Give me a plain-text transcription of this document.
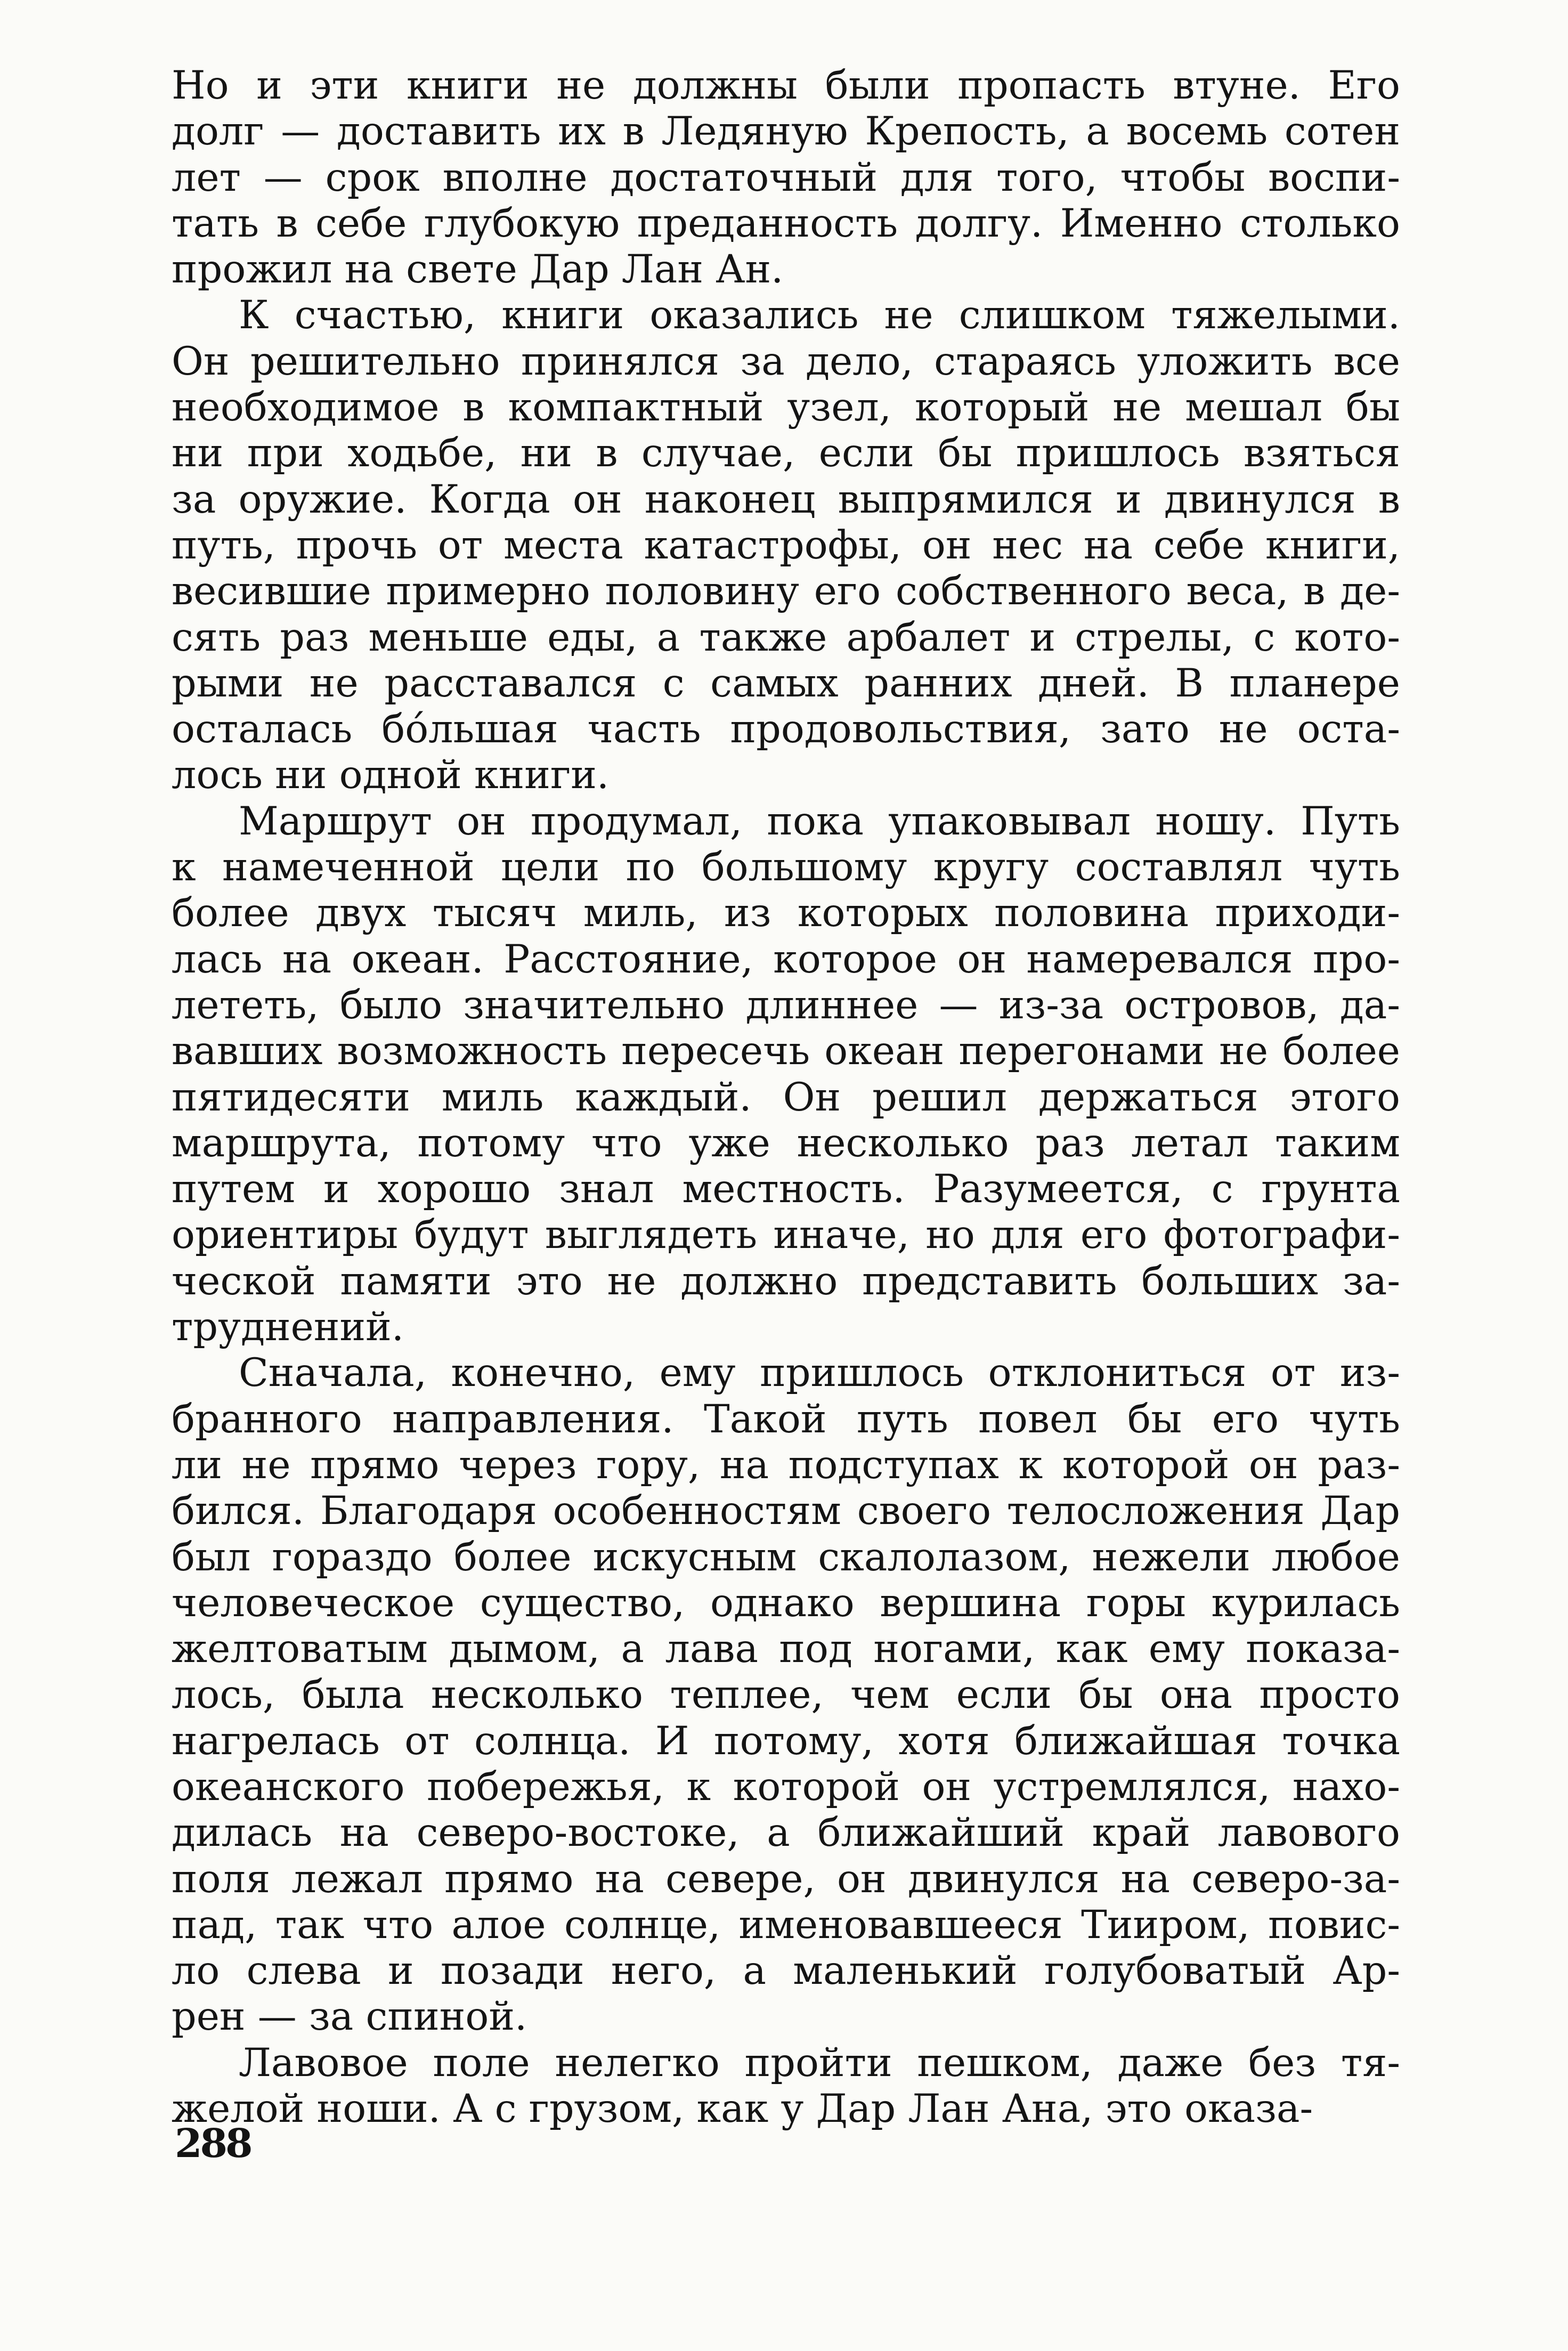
Но и эти книги не должны были пропасть втуне. Его
долг — доставить их в Ледяную Крепость, а восемь сотен
лет — срок вполне достаточный для того, чтобы воспи-
тать в себе глубокую преданность долгу. Именно столько
прожил на свете Дар Лан Ан.
К счастью, книги оказались не слишком тяжелыми.
Он решительно принялся за дело, стараясь уложить все
необходимое в компактный узел, который не мешал бы
ни при ходьбе, ни в случае, если бы пришлось взяться
за оружие. Когда он наконец выпрямился и двинулся в
путь, прочь от места катастрофы, он нес на себе книги,
весившие примерно половину его собственного веса, в де-
сять раз меньше еды, а также арбалет и стрелы, с кото-
рыми не расставался с самых ранних дней. В планере
осталась бо́льшая часть продовольствия, зато не оста-
лось ни одной книги.
Маршрут он продумал, пока упаковывал ношу. Путь
к намеченной цели по большому кругу составлял чуть
более двух тысяч миль, из которых половина приходи-
лась на океан. Расстояние, которое он намеревался про-
лететь, было значительно длиннее — из-за островов, да-
вавших возможность пересечь океан перегонами не более
пятидесяти миль каждый. Он решил держаться этого
маршрута, потому что уже несколько раз летал таким
путем и хорошо знал местность. Разумеется, с грунта
ориентиры будут выглядеть иначе, но для его фотографи-
ческой памяти это не должно представить больших за-
труднений.
Сначала, конечно, ему пришлось отклониться от из-
бранного направления. Такой путь повел бы его чуть
ли не прямо через гору, на подступах к которой он раз-
бился. Благодаря особенностям своего телосложения Дар
был гораздо более искусным скалолазом, нежели любое
человеческое существо, однако вершина горы курилась
желтоватым дымом, а лава под ногами, как ему показа-
лось, была несколько теплее, чем если бы она просто
нагрелась от солнца. И потому, хотя ближайшая точка
океанского побережья, к которой он устремлялся, нахо-
дилась на северо-востоке, а ближайший край лавового
поля лежал прямо на севере, он двинулся на северо-за-
пад, так что алое солнце, именовавшееся Тииром, повис-
ло слева и позади него, а маленький голубоватый Ар-
рен — за спиной.
Лавовое поле нелегко пройти пешком, даже без тя-
желой ноши. А с грузом, как у Дар Лан Ана, это оказа-
288
